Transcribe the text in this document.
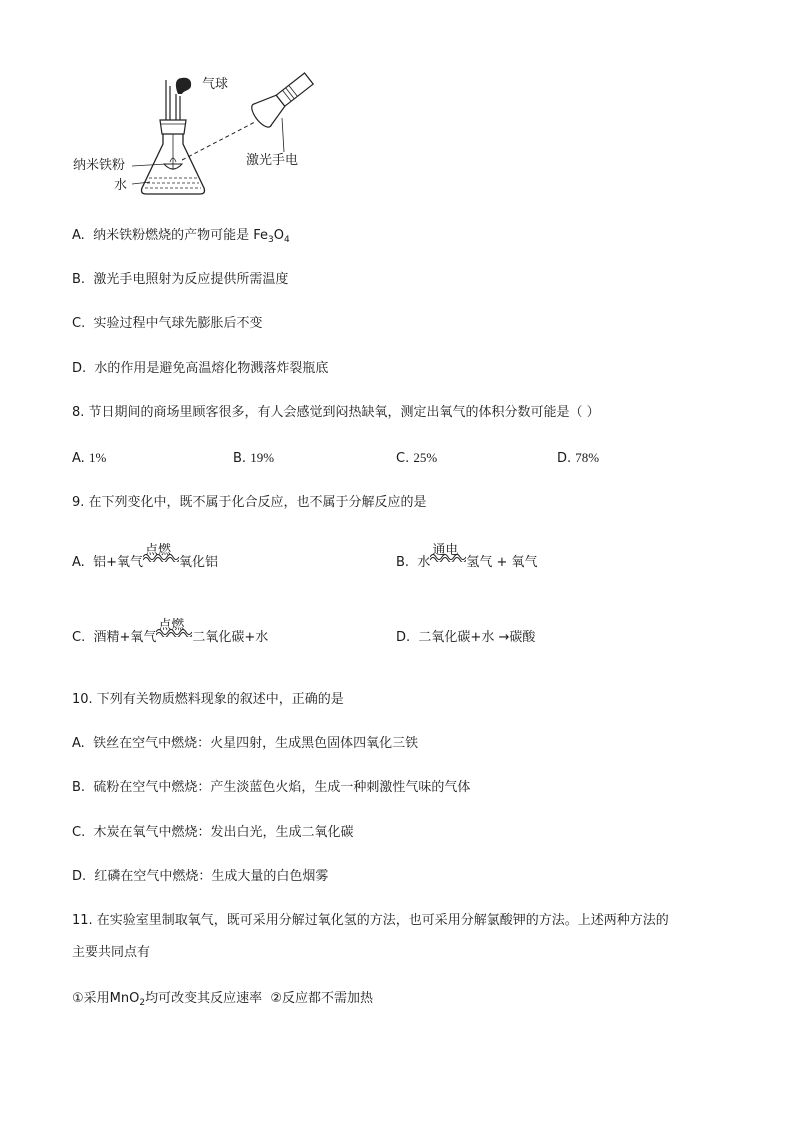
气球
纳米铁粉
水
激光手电
A. 纳米铁粉燃烧的产物可能是 $Fe_3O_4$
B. 激光手电照射为反应提供所需温度
C. 实验过程中气球先膨胀后不变
D. 水的作用是避免高温熔化物溅落炸裂瓶底
8. 节日期间的商场里顾客很多，有人会感觉到闷热缺氧，测定出氧气的体积分数可能是（ ）
A. 1%	B. 19%	C. 25%	D. 78%
9. 在下列变化中，既不属于化合反应，也不属于分解反应的是
A. 铝+氧气
点燃
氧化铝	B. 水
通电
氢气 + 氧气
C. 酒精+氧气
点燃
二氧化碳+水	D. 二氧化碳+水 →碳酸
10. 下列有关物质燃料现象的叙述中，正确的是
A. 铁丝在空气中燃烧：火星四射，生成黑色固体四氧化三铁
B. 硫粉在空气中燃烧：产生淡蓝色火焰，生成一种刺激性气味的气体
C. 木炭在氧气中燃烧：发出白光，生成二氧化碳
D. 红磷在空气中燃烧：生成大量的白色烟雾
11. 在实验室里制取氧气，既可采用分解过氧化氢的方法，也可采用分解氯酸钾的方法。上述两种方法的
主要共同点有
①采用MnO$_2$均可改变其反应速率 ②反应都不需加热
